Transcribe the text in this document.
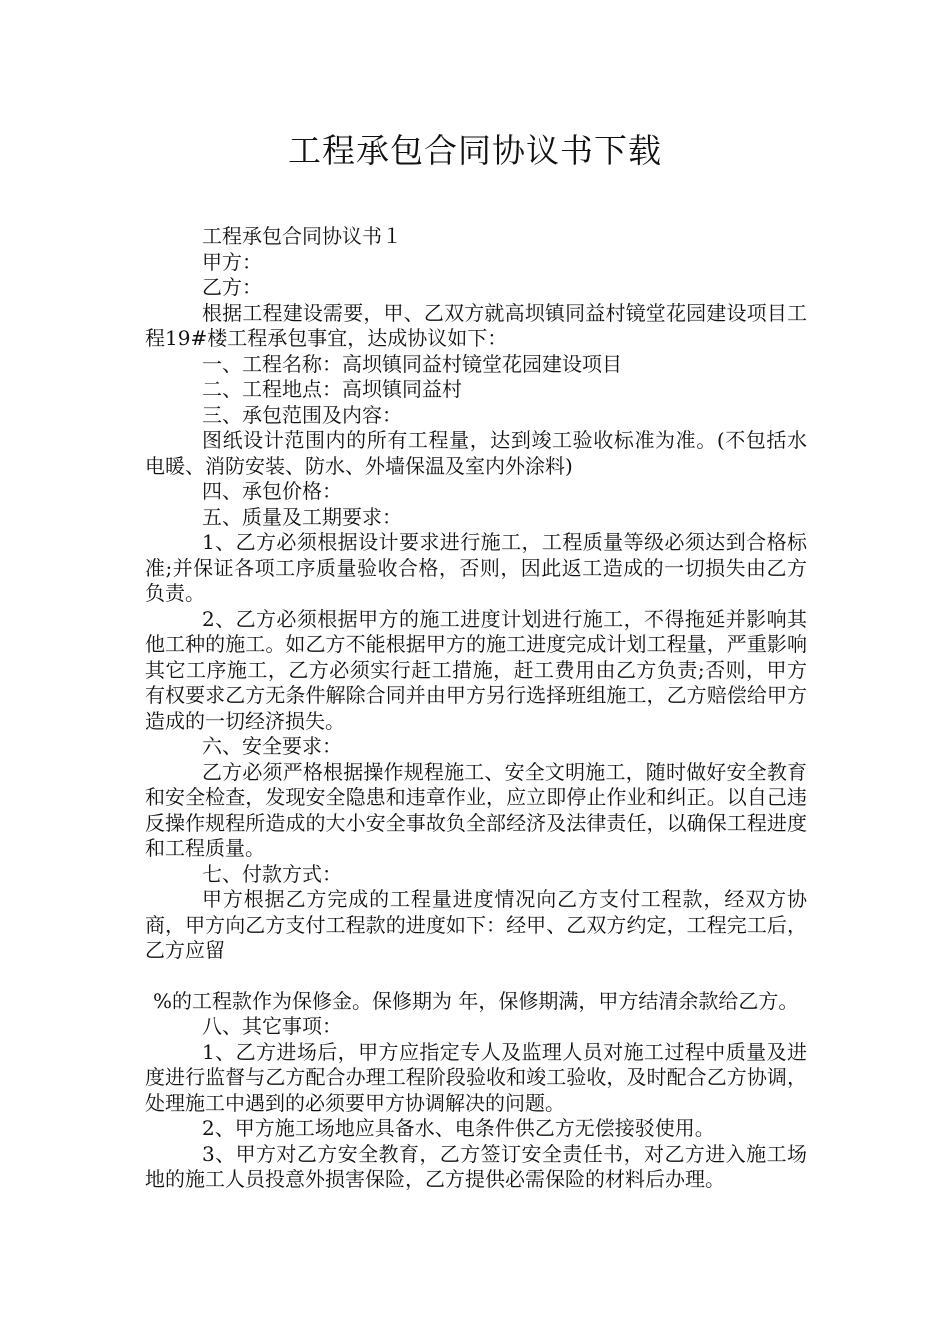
工程承包合同协议书下载

工程承包合同协议书１

甲方：

乙方：

根据工程建设需要，甲、乙双方就高坝镇同益村镜堂花园建设项目工程19#楼工程承包事宜，达成协议如下：

一、工程名称：高坝镇同益村镜堂花园建设项目

二、工程地点：高坝镇同益村

三、承包范围及内容：

图纸设计范围内的所有工程量，达到竣工验收标准为准。(不包括水电暖、消防安装、防水、外墙保温及室内外涂料)

四、承包价格：

五、质量及工期要求：

1、乙方必须根据设计要求进行施工，工程质量等级必须达到合格标准;并保证各项工序质量验收合格，否则，因此返工造成的一切损失由乙方负责。

2、乙方必须根据甲方的施工进度计划进行施工，不得拖延并影响其他工种的施工。如乙方不能根据甲方的施工进度完成计划工程量，严重影响其它工序施工，乙方必须实行赶工措施，赶工费用由乙方负责;否则，甲方有权要求乙方无条件解除合同并由甲方另行选择班组施工，乙方赔偿给甲方造成的一切经济损失。

六、安全要求：

乙方必须严格根据操作规程施工、安全文明施工，随时做好安全教育和安全检查，发现安全隐患和违章作业，应立即停止作业和纠正。以自己违反操作规程所造成的大小安全事故负全部经济及法律责任，以确保工程进度和工程质量。

七、付款方式：

甲方根据乙方完成的工程量进度情况向乙方支付工程款，经双方协商，甲方向乙方支付工程款的进度如下：经甲、乙双方约定，工程完工后，乙方应留

%的工程款作为保修金。保修期为 年，保修期满，甲方结清余款给乙方。

八、其它事项：

1、乙方进场后，甲方应指定专人及监理人员对施工过程中质量及进度进行监督与乙方配合办理工程阶段验收和竣工验收，及时配合乙方协调，处理施工中遇到的必须要甲方协调解决的问题。

2、甲方施工场地应具备水、电条件供乙方无偿接驳使用。

3、甲方对乙方安全教育，乙方签订安全责任书，对乙方进入施工场地的施工人员投意外损害保险，乙方提供必需保险的材料后办理。
